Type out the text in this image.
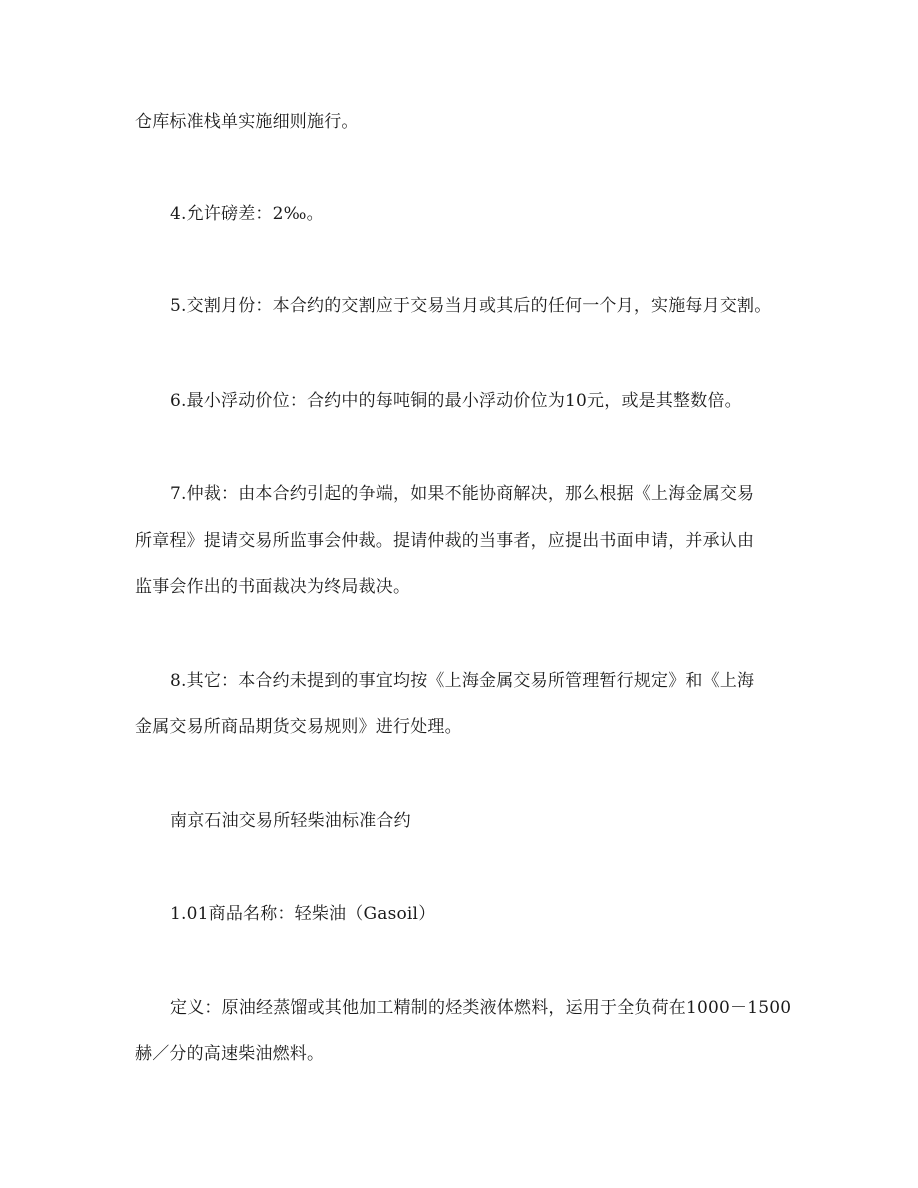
仓库标准栈单实施细则施行。
4.允许磅差：2‰。
5.交割月份：本合约的交割应于交易当月或其后的任何一个月，实施每月交割。
6.最小浮动价位：合约中的每吨铜的最小浮动价位为10元，或是其整数倍。
7.仲裁：由本合约引起的争端，如果不能协商解决，那么根据《上海金属交易
所章程》提请交易所监事会仲裁。提请仲裁的当事者，应提出书面申请，并承认由
监事会作出的书面裁决为终局裁决。
8.其它：本合约未提到的事宜均按《上海金属交易所管理暂行规定》和《上海
金属交易所商品期货交易规则》进行处理。
南京石油交易所轻柴油标准合约
1.01商品名称：轻柴油（Gasoil）
定义：原油经蒸馏或其他加工精制的烃类液体燃料，运用于全负荷在1000－1500
赫／分的高速柴油燃料。
